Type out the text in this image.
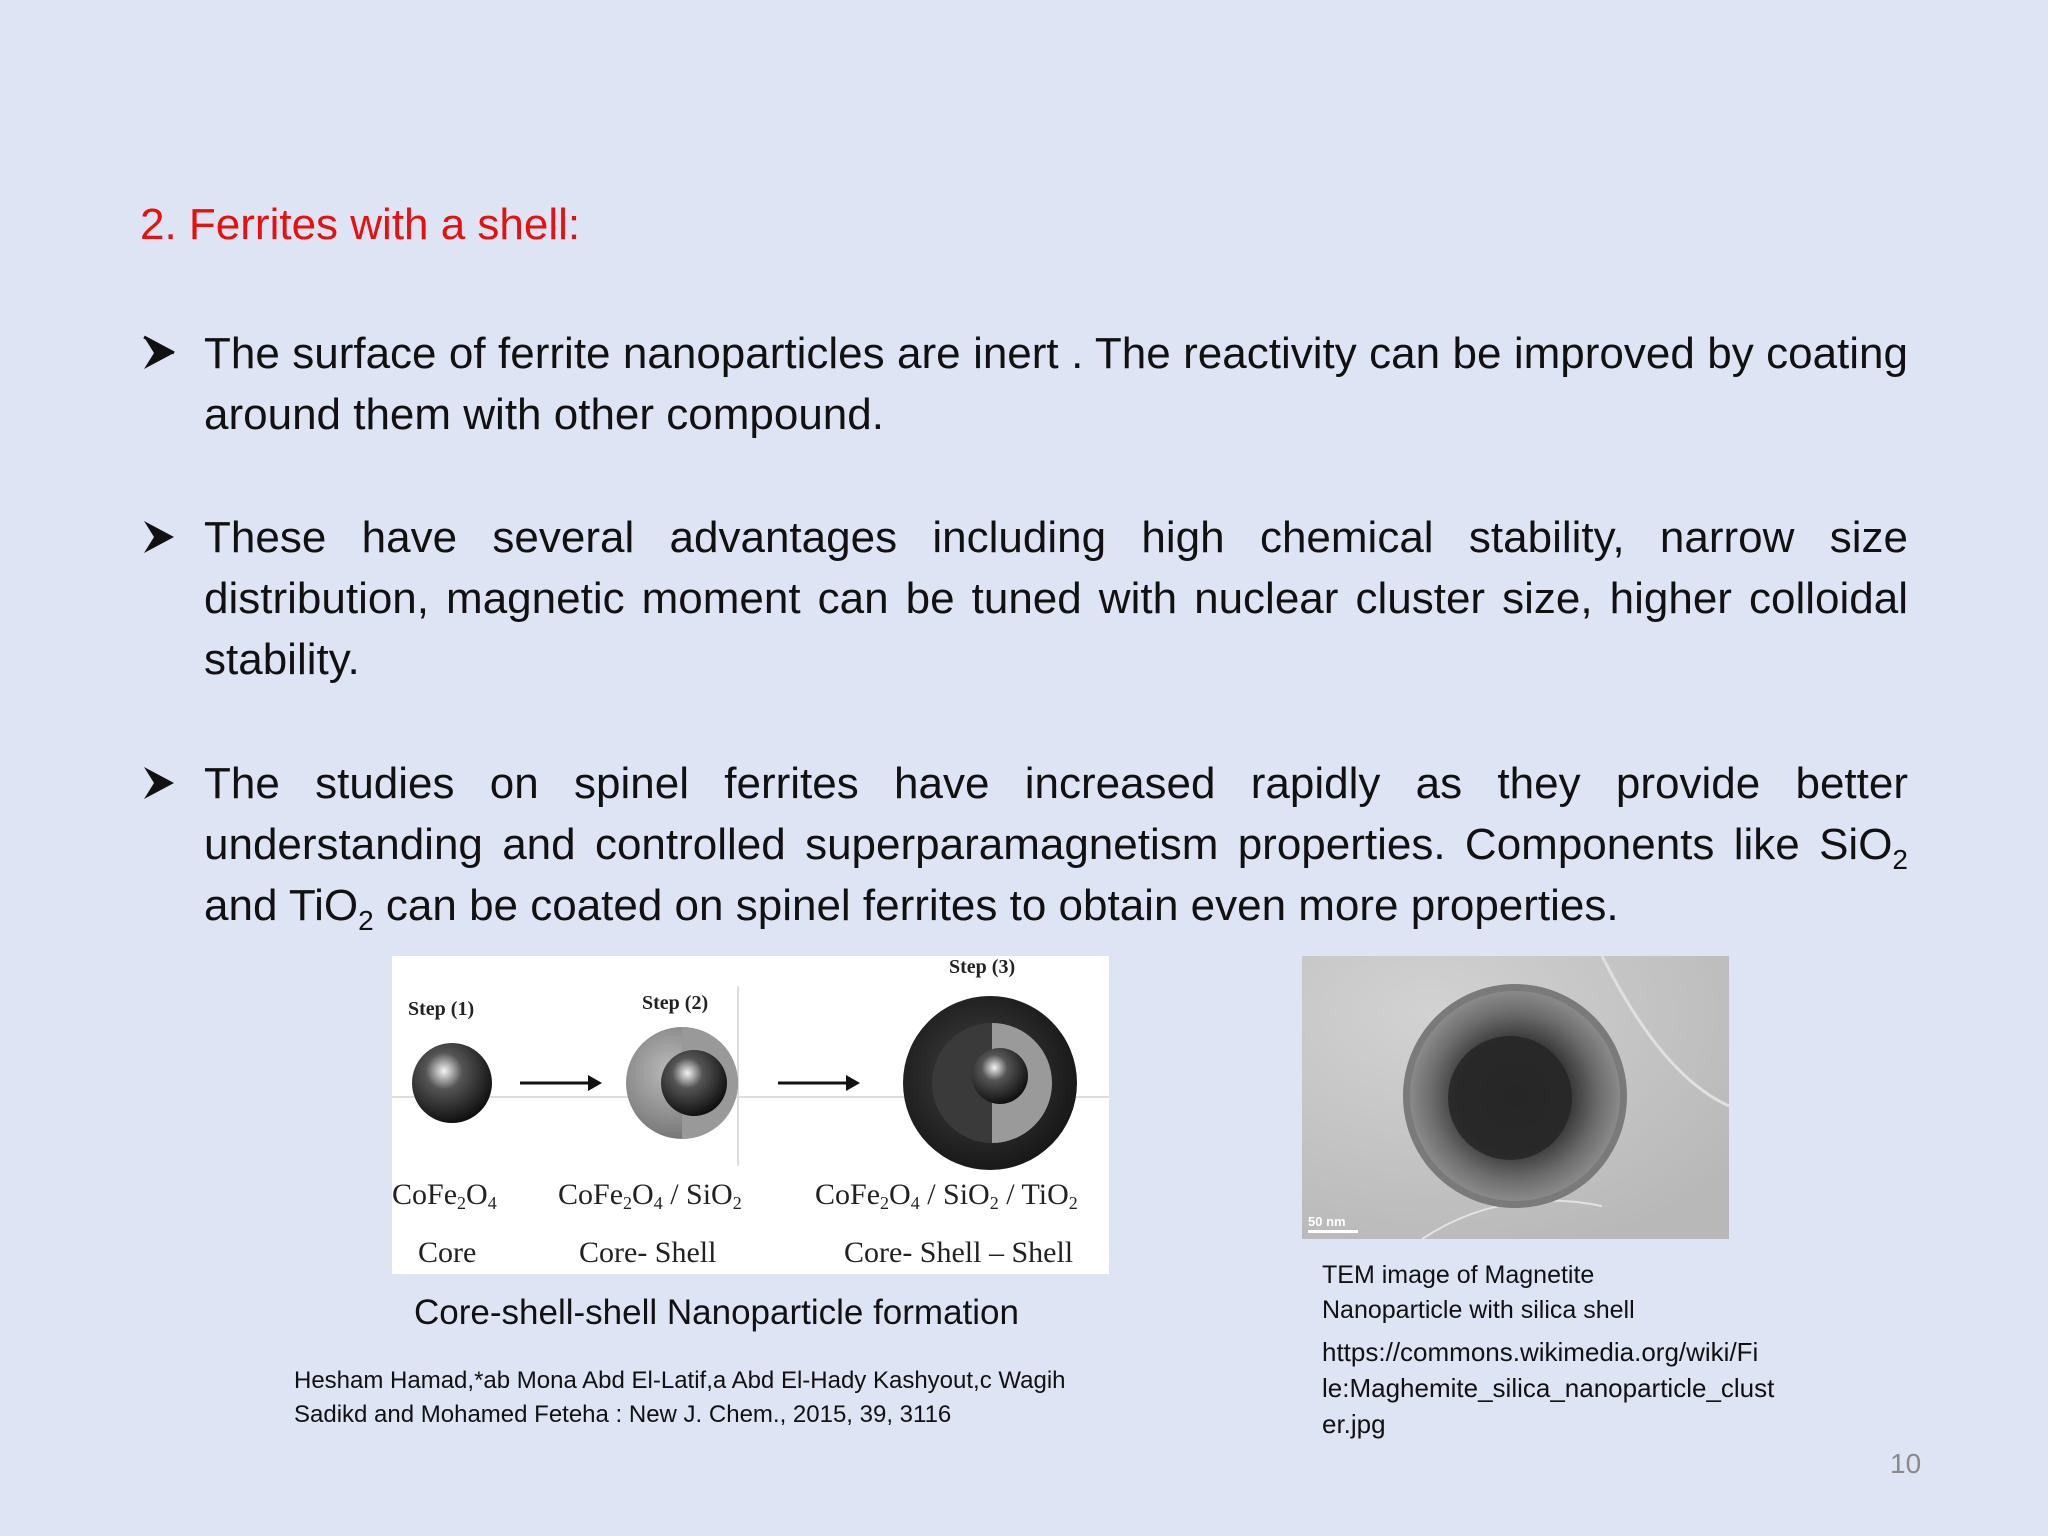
2. Ferrites with a shell:
The surface of ferrite nanoparticles are inert . The reactivity can be improved by coating around them with other compound.
These have several advantages including high chemical stability, narrow size distribution, magnetic moment can be tuned with nuclear cluster size, higher colloidal stability.
The studies on spinel ferrites have increased rapidly as they provide better understanding and controlled superparamagnetism properties. Components like SiO$_2$ and TiO$_2$ can be coated on spinel ferrites to obtain even more properties.
Step (1)	Step (2)
Step (3)
$CoFe_2O_4$ $CoFe_2O_4 / SiO_2$ $CoFe_2O_4 / SiO_2 / TiO_2$
Core	Core- Shell	Core- Shell – Shell
Core-shell-shell Nanoparticle formation
Hesham Hamad,*ab Mona Abd El-Latif,a Abd El-Hady Kashyout,c Wagih
Sadikd and Mohamed Feteha : New J. Chem., 2015, 39, 3116
50 nm
TEM image of Magnetite
Nanoparticle with silica shell
https://commons.wikimedia.org/wiki/Fi
le:Maghemite_silica_nanoparticle_clust
er.jpg
10
